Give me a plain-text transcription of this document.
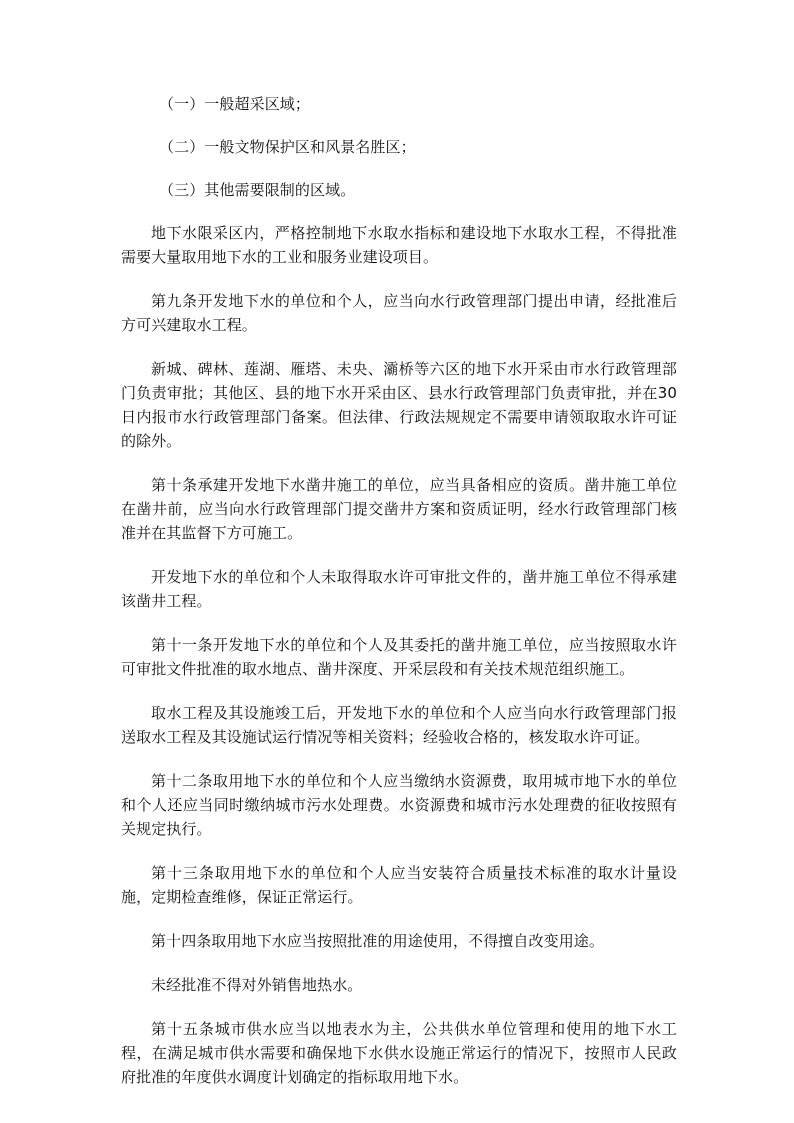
（一）一般超采区域；

（二）一般文物保护区和风景名胜区；

（三）其他需要限制的区域。

地下水限采区内，严格控制地下水取水指标和建设地下水取水工程，不得批准需要大量取用地下水的工业和服务业建设项目。

第九条开发地下水的单位和个人，应当向水行政管理部门提出申请，经批准后方可兴建取水工程。

新城、碑林、莲湖、雁塔、未央、灞桥等六区的地下水开采由市水行政管理部门负责审批；其他区、县的地下水开采由区、县水行政管理部门负责审批，并在30日内报市水行政管理部门备案。但法律、行政法规规定不需要申请领取取水许可证的除外。

第十条承建开发地下水凿井施工的单位，应当具备相应的资质。凿井施工单位在凿井前，应当向水行政管理部门提交凿井方案和资质证明，经水行政管理部门核准并在其监督下方可施工。

开发地下水的单位和个人未取得取水许可审批文件的，凿井施工单位不得承建该凿井工程。

第十一条开发地下水的单位和个人及其委托的凿井施工单位，应当按照取水许可审批文件批准的取水地点、凿井深度、开采层段和有关技术规范组织施工。

取水工程及其设施竣工后，开发地下水的单位和个人应当向水行政管理部门报送取水工程及其设施试运行情况等相关资料；经验收合格的，核发取水许可证。

第十二条取用地下水的单位和个人应当缴纳水资源费，取用城市地下水的单位和个人还应当同时缴纳城市污水处理费。水资源费和城市污水处理费的征收按照有关规定执行。

第十三条取用地下水的单位和个人应当安装符合质量技术标准的取水计量设施，定期检查维修，保证正常运行。

第十四条取用地下水应当按照批准的用途使用，不得擅自改变用途。

未经批准不得对外销售地热水。

第十五条城市供水应当以地表水为主，公共供水单位管理和使用的地下水工程，在满足城市供水需要和确保地下水供水设施正常运行的情况下，按照市人民政府批准的年度供水调度计划确定的指标取用地下水。
